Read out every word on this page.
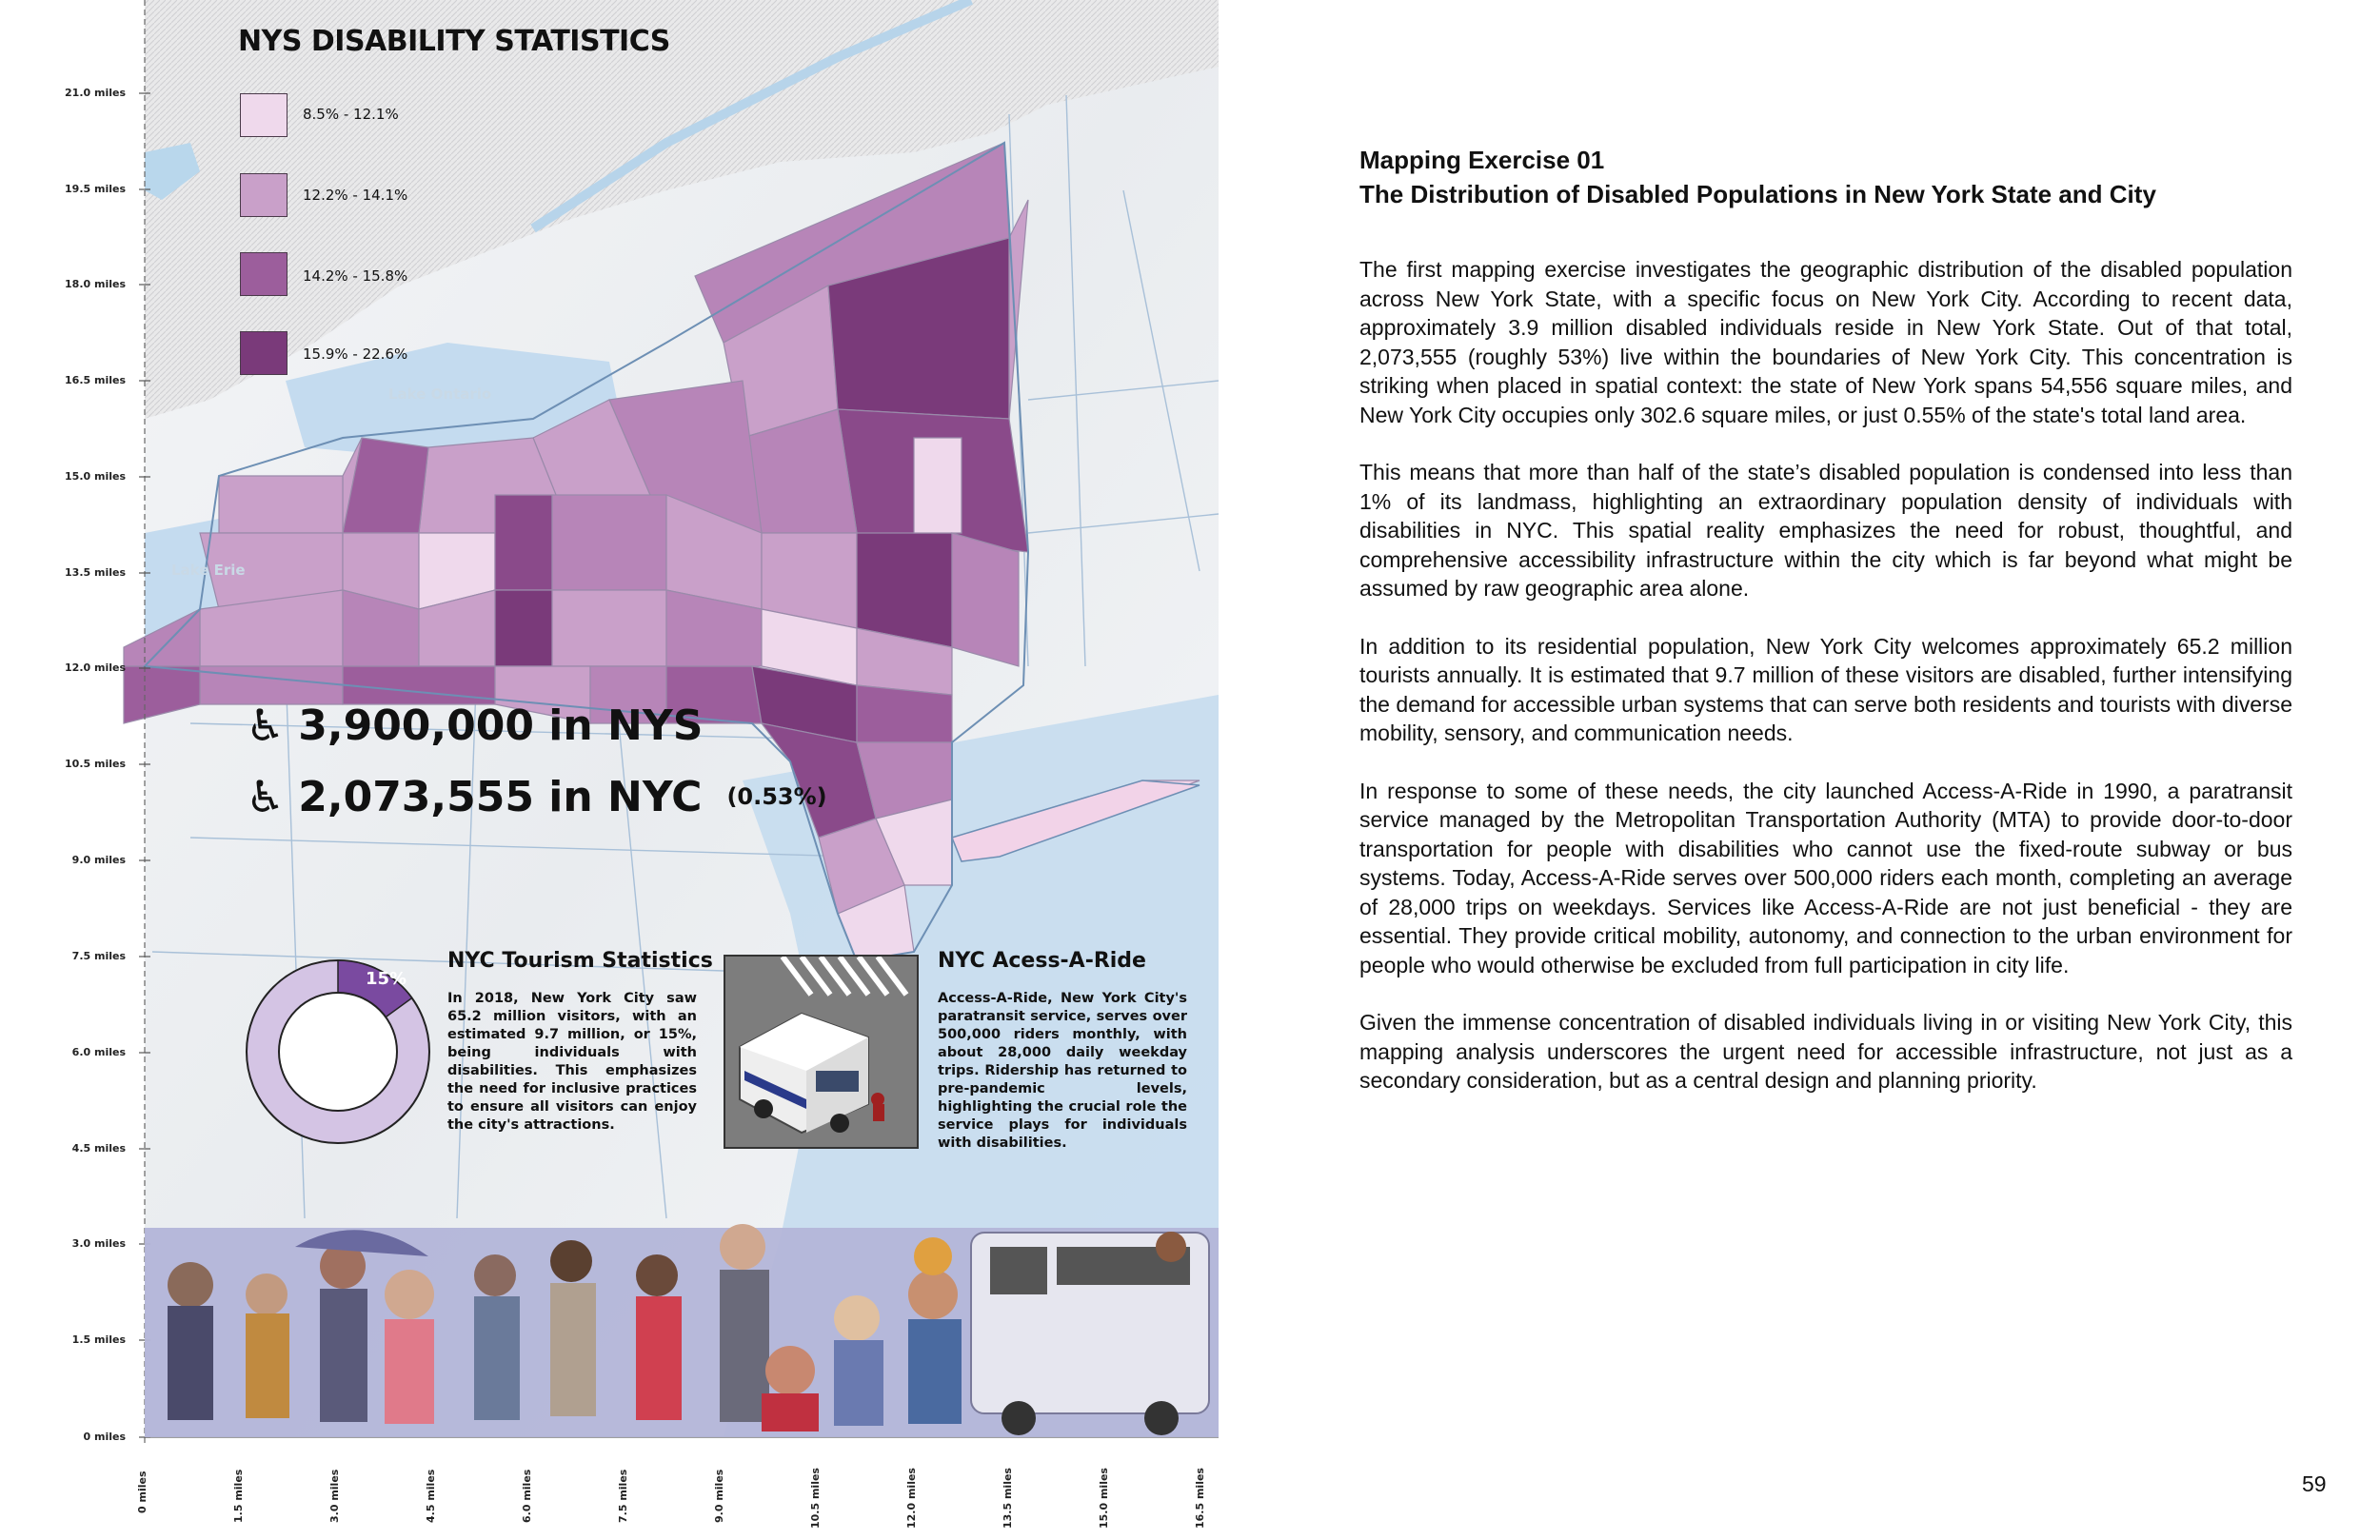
21.0 miles
19.5 miles
18.0 miles
16.5 miles
15.0 miles
13.5 miles
12.0 miles
10.5 miles
9.0 miles
7.5 miles
6.0 miles
4.5 miles
3.0 miles
1.5 miles
0 miles
0 miles	1.5 miles	3.0 miles	4.5 miles	6.0 miles	7.5 miles	9.0 miles	10.5 miles	12.0 miles	13.5 miles	15.0 miles	16.5 miles
NYS DISABILITY STATISTICS
8.5% - 12.1%
12.2% - 14.1%
14.2% - 15.8%
15.9% - 22.6%
Lake Ontario
Lake Erie
♿ 3,900,000 in NYS
♿ 2,073,555 in NYC (0.53%)
15%
NYC Tourism Statistics
In 2018, New York City saw 65.2 million visitors, with an estimated 9.7 million, or 15%, being individuals with disabilities. This emphasizes the need for inclusive practices to ensure all visitors can enjoy the city's attractions.
NYC Acess-A-Ride
Access-A-Ride, New York City's paratransit service, serves over 500,000 riders monthly, with about 28,000 daily weekday trips. Ridership has returned to pre-pandemic levels, highlighting the crucial role the service plays for individuals with disabilities.

Mapping Exercise 01

The Distribution of Disabled Populations in New York State and City

The first mapping exercise investigates the geographic distribution of the disabled population across New York State, with a specific focus on New York City. According to recent data, approximately 3.9 million disabled individuals reside in New York State. Out of that total, 2,073,555 (roughly 53%) live within the boundaries of New York City. This concentration is striking when placed in spatial context: the state of New York spans 54,556 square miles, and New York City occupies only 302.6 square miles, or just 0.55% of the state's total land area.

This means that more than half of the state’s disabled population is condensed into less than 1% of its landmass, highlighting an extraordinary population density of individuals with disabilities in NYC. This spatial reality emphasizes the need for robust, thoughtful, and comprehensive accessibility infrastructure within the city which is far beyond what might be assumed by raw geographic area alone.

In addition to its residential population, New York City welcomes approximately 65.2 million tourists annually. It is estimated that 9.7 million of these visitors are disabled, further intensifying the demand for accessible urban systems that can serve both residents and tourists with diverse mobility, sensory, and communication needs.

In response to some of these needs, the city launched Access-A-Ride in 1990, a paratransit service managed by the Metropolitan Transportation Authority (MTA) to provide door-to-door transportation for people with disabilities who cannot use the fixed-route subway or bus systems. Today, Access-A-Ride serves over 500,000 riders each month, completing an average of 28,000 trips on weekdays. Services like Access-A-Ride are not just beneficial - they are essential. They provide critical mobility, autonomy, and connection to the urban environment for people who would otherwise be excluded from full participation in city life.

Given the immense concentration of disabled individuals living in or visiting New York City, this mapping analysis underscores the urgent need for accessible infrastructure, not just as a secondary consideration, but as a central design and planning priority.

59
